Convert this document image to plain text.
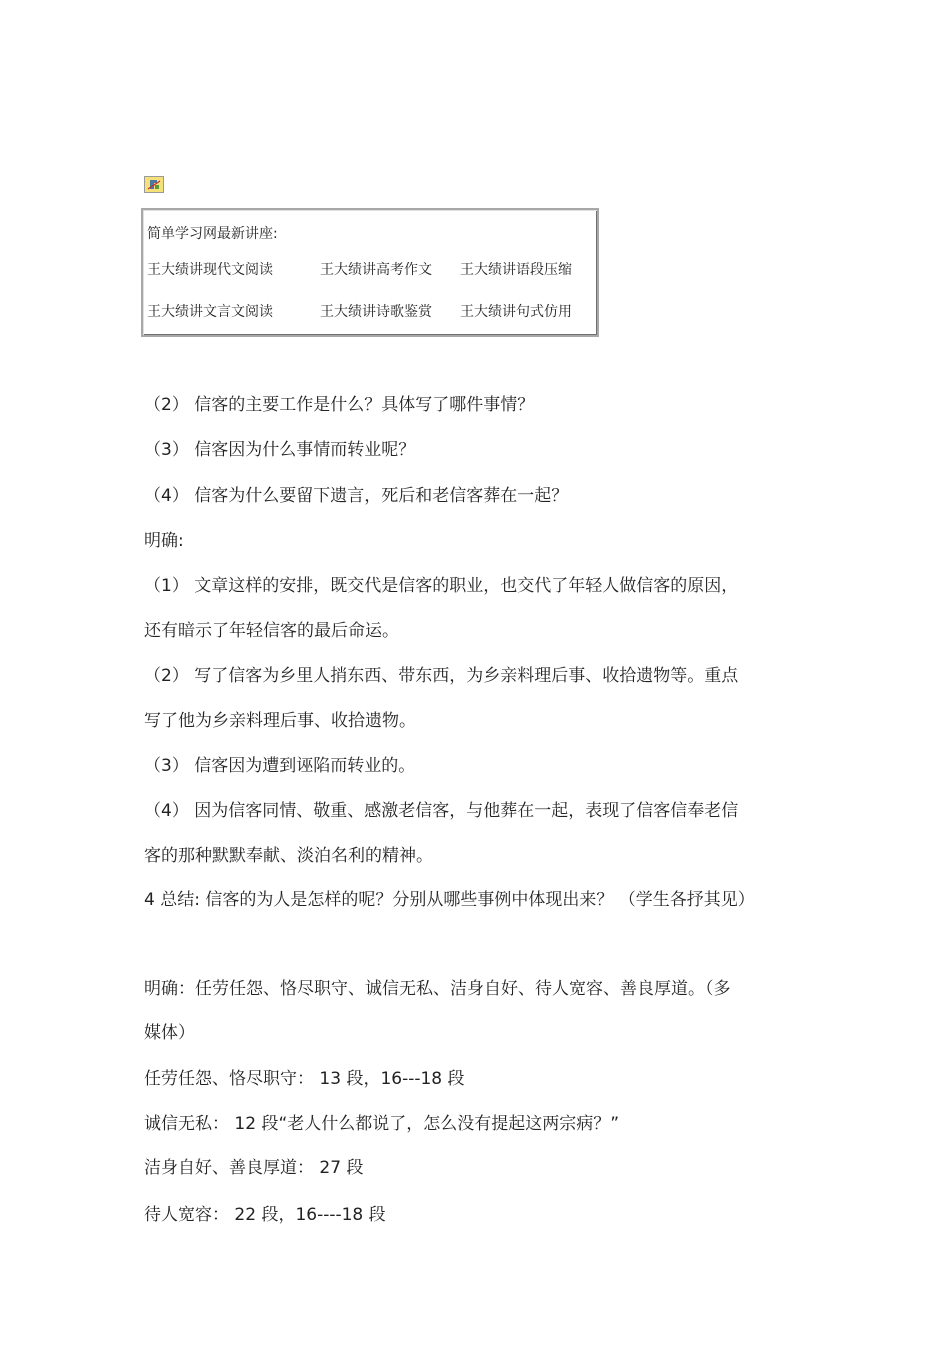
简单学习网最新讲座:
王大绩讲现代文阅读	王大绩讲高考作文 王大绩讲语段压缩
王大绩讲文言文阅读	王大绩讲诗歌鉴赏 王大绩讲句式仿用
（2） 信客的主要工作是什么？具体写了哪件事情？
（3） 信客因为什么事情而转业呢？
（4） 信客为什么要留下遗言，死后和老信客葬在一起？
明确:
（1） 文章这样的安排，既交代是信客的职业，也交代了年轻人做信客的原因，
还有暗示了年轻信客的最后命运。
（2） 写了信客为乡里人捎东西、带东西，为乡亲料理后事、收拾遗物等。重点
写了他为乡亲料理后事、收拾遗物。
（3） 信客因为遭到诬陷而转业的。
（4） 因为信客同情、敬重、感激老信客，与他葬在一起，表现了信客信奉老信
客的那种默默奉献、淡泊名利的精神。
4 总结: 信客的为人是怎样的呢？分别从哪些事例中体现出来？ （学生各抒其见）
明确：任劳任怨、恪尽职守、诚信无私、洁身自好、待人宽容、善良厚道。（多
媒体）
任劳任怨、恪尽职守： 13 段，16---18 段
诚信无私： 12 段“老人什么都说了，怎么没有提起这两宗病？”
洁身自好、善良厚道： 27 段
待人宽容： 22 段，16----18 段
